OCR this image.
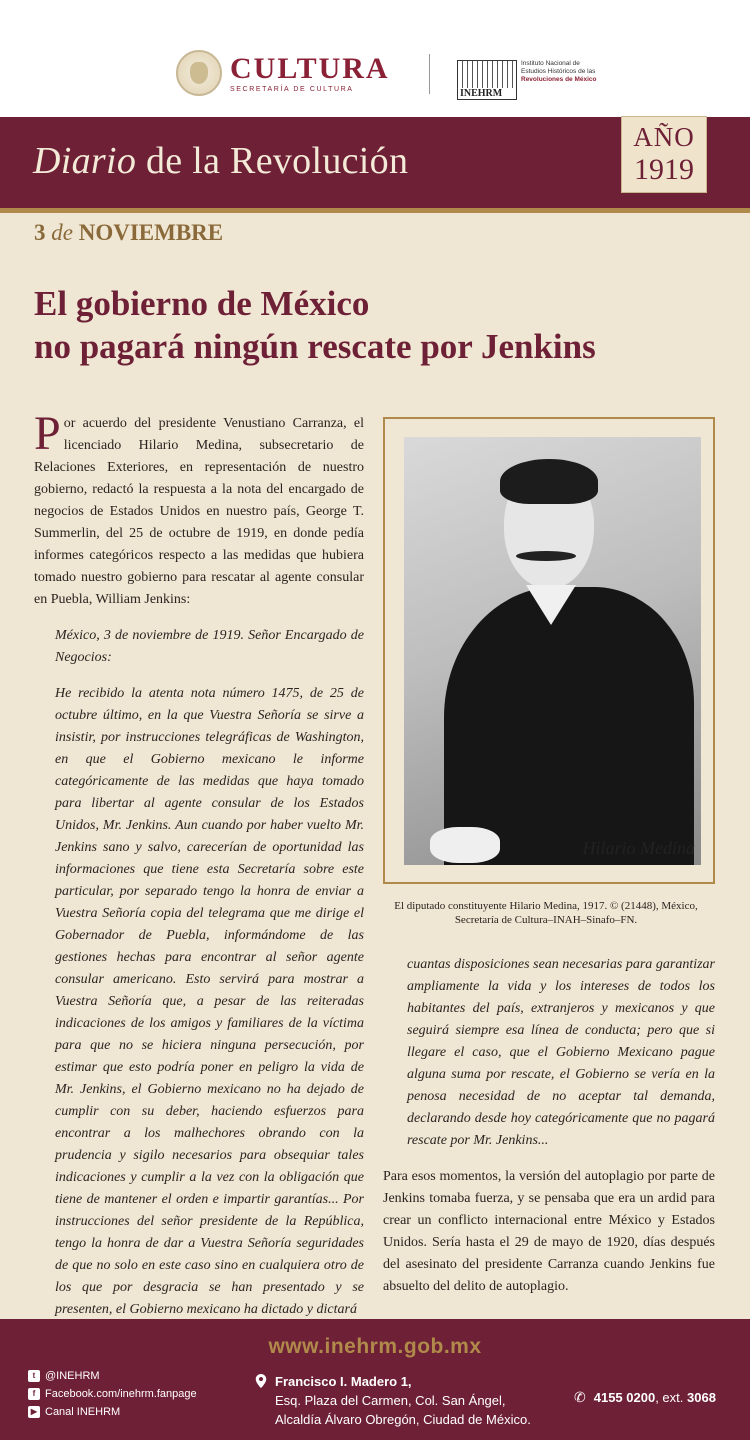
CULTURA
SECRETARÍA DE CULTURA	INEHRM
Instituto Nacional de
Estudios Históricos de las
Revoluciones de México
Diario de la Revolución
AÑO
1919
3 de NOVIEMBRE
El gobierno de México
no pagará ningún rescate por Jenkins

Por acuerdo del presidente Venustiano Carranza, el licenciado Hilario Medina, subsecretario de Relaciones Exteriores, en representación de nuestro gobierno, redactó la respuesta a la nota del encargado de negocios de Estados Unidos en nuestro país, George T. Summerlin, del 25 de octubre de 1919, en donde pedía informes categóricos respecto a las medidas que hubiera tomado nuestro gobierno para rescatar al agente consular en Puebla, William Jenkins:

México, 3 de noviembre de 1919. Señor Encargado de Negocios:

He recibido la atenta nota número 1475, de 25 de octubre último, en la que Vuestra Señoría se sirve a insistir, por instrucciones telegráficas de Washington, en que el Gobierno mexicano le informe categóricamente de las medidas que haya tomado para libertar al agente consular de los Estados Unidos, Mr. Jenkins. Aun cuando por haber vuelto Mr. Jenkins sano y salvo, carecerían de oportunidad las informaciones que tiene esta Secretaría sobre este particular, por separado tengo la honra de enviar a Vuestra Señoría copia del telegrama que me dirige el Gobernador de Puebla, informándome de las gestiones hechas para encontrar al señor agente consular americano. Esto servirá para mostrar a Vuestra Señoría que, a pesar de las reiteradas indicaciones de los amigos y familiares de la víctima para que no se hiciera ninguna persecución, por estimar que esto podría poner en peligro la vida de Mr. Jenkins, el Gobierno mexicano no ha dejado de cumplir con su deber, haciendo esfuerzos para encontrar a los malhechores obrando con la prudencia y sigilo necesarios para obsequiar tales indicaciones y cumplir a la vez con la obligación que tiene de mantener el orden e impartir garantías... Por instrucciones del señor presidente de la República, tengo la honra de dar a Vuestra Señoría seguridades de que no solo en este caso sino en cualquiera otro de los que por desgracia se han presentado y se presenten, el Gobierno mexicano ha dictado y dictará

Hilario Medina
El diputado constituyente Hilario Medina, 1917. © (21448), México, Secretaría de Cultura–INAH–Sinafo–FN.
cuantas disposiciones sean necesarias para garantizar ampliamente la vida y los intereses de todos los habitantes del país, extranjeros y mexicanos y que seguirá siempre esa línea de conducta; pero que si llegare el caso, que el Gobierno Mexicano pague alguna suma por rescate, el Gobierno se vería en la penosa necesidad de no aceptar tal demanda, declarando desde hoy categóricamente que no pagará rescate por Mr. Jenkins...
Para esos momentos, la versión del autoplagio por parte de Jenkins tomaba fuerza, y se pensaba que era un ardid para crear un conflicto internacional entre México y Estados Unidos. Sería hasta el 29 de mayo de 1920, días después del asesinato del presidente Carranza cuando Jenkins fue absuelto del delito de autoplagio.
www.inehrm.gob.mx
t @INEHRM
f Facebook.com/inehrm.fanpage
▶ Canal INEHRM
Francisco I. Madero 1,
Esq. Plaza del Carmen, Col. San Ángel,
Alcaldía Álvaro Obregón, Ciudad de México.
✆ 4155 0200 , ext.
3068
